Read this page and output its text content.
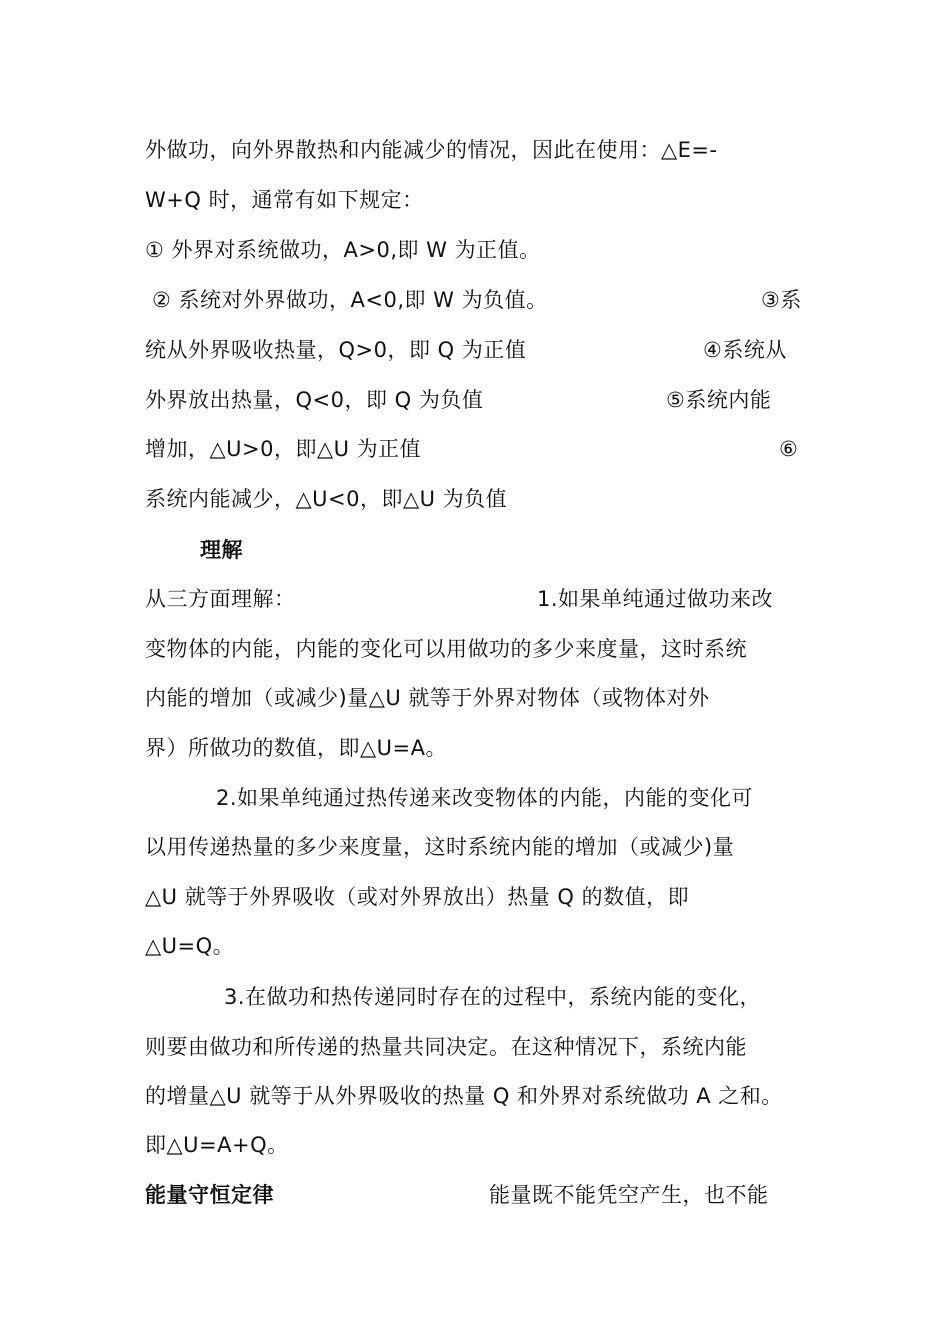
外做功，向外界散热和内能减少的情况，因此在使用：△E=-
W+Q 时，通常有如下规定：
① 外界对系统做功，A>0,即 W 为正值。
② 系统对外界做功，A<0,即 W 为负值。	③系
统从外界吸收热量，Q>0，即 Q 为正值	④系统从
外界放出热量，Q<0，即 Q 为负值	⑤系统内能
增加，△U>0，即△U 为正值	⑥
系统内能减少，△U<0，即△U 为负值
理解
从三方面理解：	1.如果单纯通过做功来改
变物体的内能，内能的变化可以用做功的多少来度量，这时系统
内能的增加（或减少)量△U 就等于外界对物体（或物体对外
界）所做功的数值，即△U=A。
2.如果单纯通过热传递来改变物体的内能，内能的变化可
以用传递热量的多少来度量，这时系统内能的增加（或减少)量
△U 就等于外界吸收（或对外界放出）热量 Q 的数值，即
△U=Q。
3.在做功和热传递同时存在的过程中，系统内能的变化，
则要由做功和所传递的热量共同决定。在这种情况下，系统内能
的增量△U 就等于从外界吸收的热量 Q 和外界对系统做功 A 之和。
即△U=A+Q。
能量守恒定律	能量既不能凭空产生，也不能
